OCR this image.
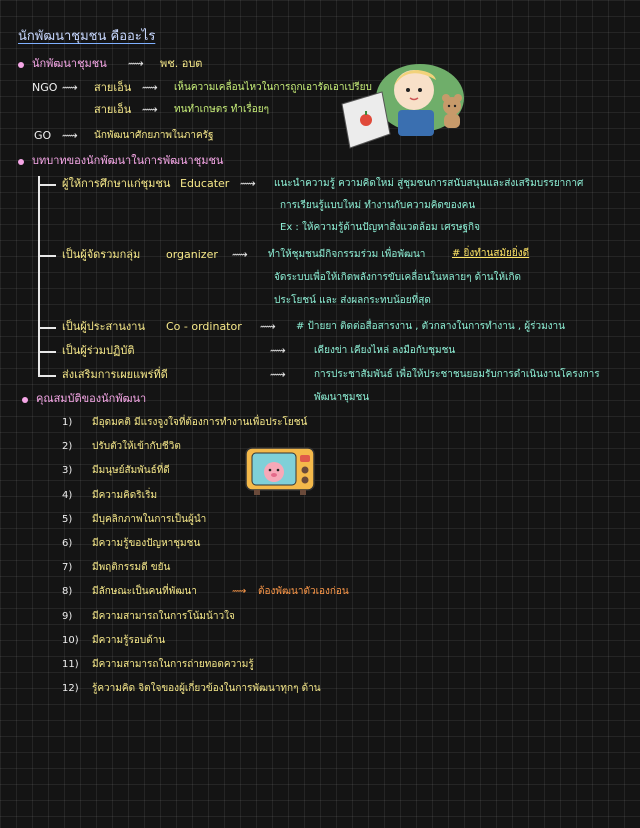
นักพัฒนาชุมชน คืออะไร
นักพัฒนาชุมชน ⟿ พช. อบต
NGO ⟿ สายเอ็น ⟿ เห็นความเคลื่อนไหวในการถูกเอารัดเอาเปรียบ
สายเอ็น ⟿ ทนทำเกษตร ทำเรื่อยๆ
GO ⟿ นักพัฒนาศักยภาพในภาครัฐ
บทบาทของนักพัฒนาในการพัฒนาชุมชน
ผู้ให้การศึกษาแก่ชุมชน Educater ⟿ แนะนำความรู้ ความคิดใหม่ สู่ชุมชนการสนับสนุนและส่งเสริมบรรยากาศ
การเรียนรู้แบบใหม่ ทำงานกับความคิดของคน
Ex : ให้ความรู้ด้านปัญหาสิ่งแวดล้อม เศรษฐกิจ
เป็นผู้จัดรวมกลุ่ม organizer ⟿ ทำให้ชุมชนมีกิจกรรมร่วม เพื่อพัฒนา	# ยิ่งทำนสมัยยิ่งดี
จัดระบบเพื่อให้เกิดพลังการขับเคลื่อนในหลายๆ ด้านให้เกิด
ประโยชน์ และ ส่งผลกระทบน้อยที่สุด
เป็นผู้ประสานงาน Co - ordinator ⟿ # ป้ายยา ติดต่อสื่อสารงาน , ตัวกลางในการทำงาน , ผู้ร่วมงาน
เป็นผู้ร่วมปฏิบัติ	⟿	เคียงข่า เคียงไหล่ ลงมือกับชุมชน
ส่งเสริมการเผยแพร่ที่ดี	⟿	การประชาสัมพันธ์ เพื่อให้ประชาชนยอมรับการดำเนินงานโครงการ
พัฒนาชุมชน
คุณสมบัติของนักพัฒนา
1) มีอุดมคติ มีแรงจูงใจที่ต้องการทำงานเพื่อประโยชน์
2) ปรับตัวให้เข้ากับชีวิต
3) มีมนุษย์สัมพันธ์ที่ดี
4) มีความคิดริเริ่ม
5) มีบุคลิกภาพในการเป็นผู้นำ
6) มีความรู้ของปัญหาชุมชน
7) มีพฤติกรรมดี ขยัน
8) มีลักษณะเป็นคนที่พัฒนา	⟿ ต้องพัฒนาตัวเองก่อน
9) มีความสามารถในการโน้มน้าวใจ
10) มีความรู้รอบด้าน
11) มีความสามารถในการถ่ายทอดความรู้
12) รู้ความคิด จิตใจของผู้เกี่ยวข้องในการพัฒนาทุกๆ ด้าน
